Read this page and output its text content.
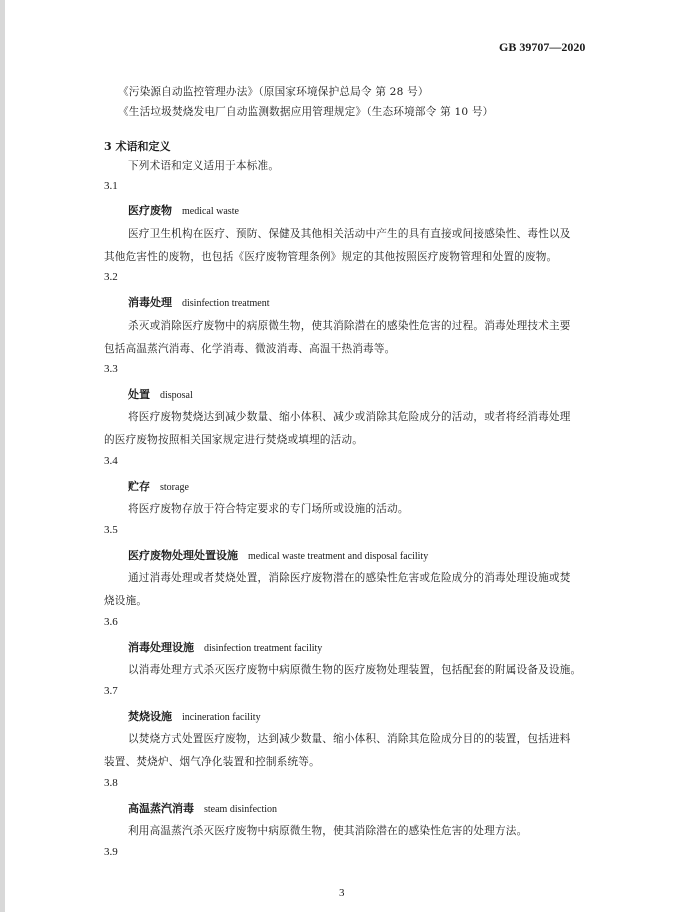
GB 39707—2020
《污染源自动监控管理办法》（原国家环境保护总局令 第 28 号）
《生活垃圾焚烧发电厂自动监测数据应用管理规定》（生态环境部令 第 10 号）
3 术语和定义
下列术语和定义适用于本标准。
3.1
医疗废物 medical waste
医疗卫生机构在医疗、预防、保健及其他相关活动中产生的具有直接或间接感染性、毒性以及
其他危害性的废物，也包括《医疗废物管理条例》规定的其他按照医疗废物管理和处置的废物。
3.2
消毒处理 disinfection treatment
杀灭或消除医疗废物中的病原微生物，使其消除潜在的感染性危害的过程。消毒处理技术主要
包括高温蒸汽消毒、化学消毒、微波消毒、高温干热消毒等。
3.3
处置 disposal
将医疗废物焚烧达到减少数量、缩小体积、减少或消除其危险成分的活动，或者将经消毒处理
的医疗废物按照相关国家规定进行焚烧或填埋的活动。
3.4
贮存 storage
将医疗废物存放于符合特定要求的专门场所或设施的活动。
3.5
医疗废物处理处置设施 medical waste treatment and disposal facility
通过消毒处理或者焚烧处置，消除医疗废物潜在的感染性危害或危险成分的消毒处理设施或焚
烧设施。
3.6
消毒处理设施 disinfection treatment facility
以消毒处理方式杀灭医疗废物中病原微生物的医疗废物处理装置，包括配套的附属设备及设施。
3.7
焚烧设施 incineration facility
以焚烧方式处置医疗废物，达到减少数量、缩小体积、消除其危险成分目的的装置，包括进料
装置、焚烧炉、烟气净化装置和控制系统等。
3.8
高温蒸汽消毒 steam disinfection
利用高温蒸汽杀灭医疗废物中病原微生物，使其消除潜在的感染性危害的处理方法。
3.9
3
